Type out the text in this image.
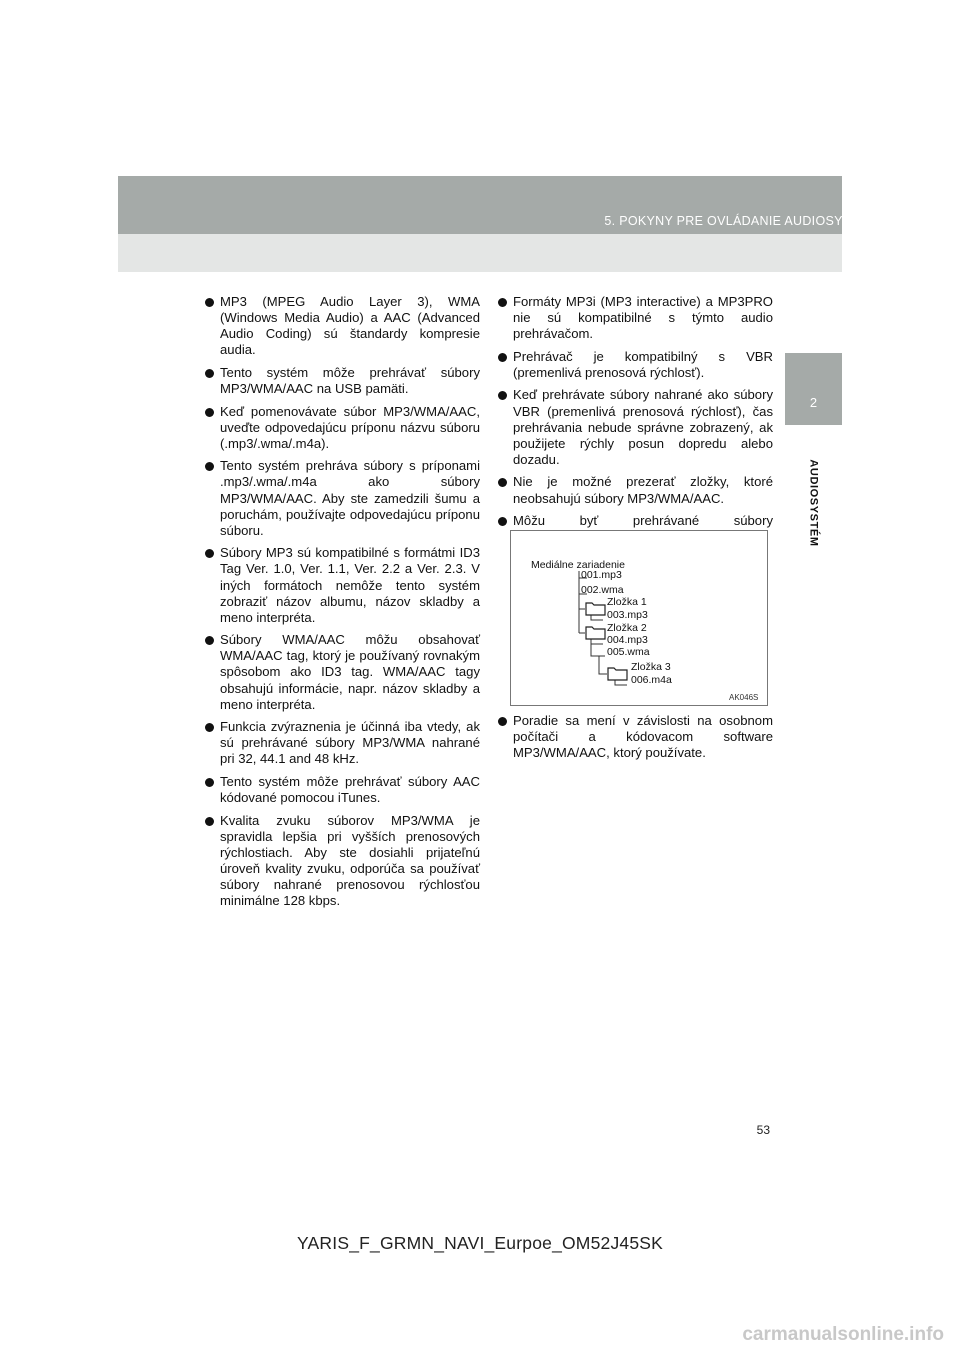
5. POKYNY PRE OVLÁDANIE AUDIOSYSTÉMU
2
AUDIOSYSTÉM
MP3 (MPEG Audio Layer 3), WMA (Windows Media Audio) a AAC (Advanced Audio Coding) sú štandardy kompresie audia.
Tento systém môže prehrávať súbory MP3/WMA/AAC na USB pamäti.
Keď pomenovávate súbor MP3/WMA/AAC, uveďte odpovedajúcu príponu názvu súboru (.mp3/.wma/.m4a).
Tento systém prehráva súbory s príponami .mp3/.wma/.m4a ako súbory MP3/WMA/AAC. Aby ste zamedzili šumu a poruchám, používajte odpovedajúcu príponu súboru.
Súbory MP3 sú kompatibilné s formátmi ID3 Tag Ver. 1.0, Ver. 1.1, Ver. 2.2 a Ver. 2.3. V iných formátoch nemôže tento systém zobraziť názov albumu, názov skladby a meno interpréta.
Súbory WMA/AAC môžu obsahovať WMA/AAC tag, ktorý je používaný rovnakým spôsobom ako ID3 tag. WMA/AAC tagy obsahujú informácie, napr. názov skladby a meno interpréta.
Funkcia zvýraznenia je účinná iba vtedy, ak sú prehrávané súbory MP3/WMA nahrané pri 32, 44.1 and 48 kHz.
Tento systém môže prehrávať súbory AAC kódované pomocou iTunes.
Kvalita zvuku súborov MP3/WMA je spravidla lepšia pri vyšších prenosových rýchlostiach. Aby ste dosiahli prijateľnú úroveň kvality zvuku, odporúča sa používať súbory nahrané prenosovou rýchlosťou minimálne 128 kbps.
Formáty MP3i (MP3 interactive) a MP3PRO nie sú kompatibilné s týmto audio prehrávačom.
Prehrávač je kompatibilný s VBR (premenlivá prenosová rýchlosť).
Keď prehrávate súbory nahrané ako súbory VBR (premenlivá prenosová rýchlosť), čas prehrávania nebude správne zobrazený, ak použijete rýchly posun dopredu alebo dozadu.
Nie je možné prezerať zložky, ktoré neobsahujú súbory MP3/WMA/AAC.
Môžu byť prehrávané súbory
Mediálne zariadenie
001.mp3
002.wma
Zložka 1
003.mp3
Zložka 2
004.mp3
005.wma
Zložka 3
006.m4a
AK046S
Poradie sa mení v závislosti na osobnom počítači a kódovacom software MP3/WMA/AAC, ktorý používate.
53
YARIS_F_GRMN_NAVI_Eurpoe_OM52J45SK
carmanualsonline.info
